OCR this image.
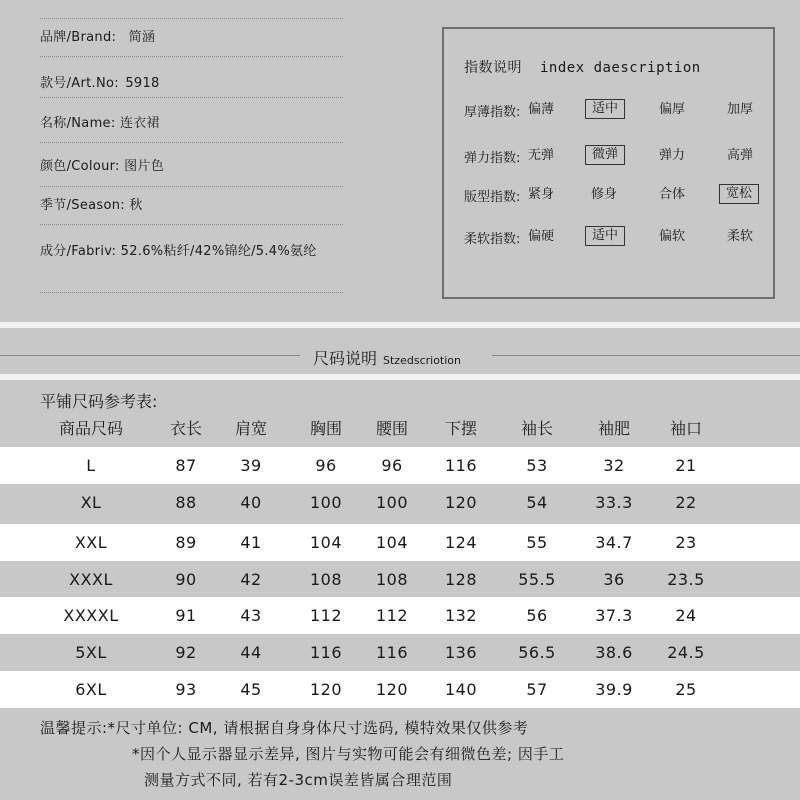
品牌/Brand: 简涵
款号/Art.No: 5918
名称/Name: 连衣裙
颜色/Colour: 图片色
季节/Season: 秋
成分/Fabriv: 52.6%粘纤/42%锦纶/5.4%氨纶
指数说明 index daescription
厚薄指数: 偏薄	适中	偏厚	加厚
弹力指数: 无弹	微弹	弹力	高弹
版型指数: 紧身	修身	合体	宽松
柔软指数: 偏硬	适中	偏软	柔软
尺码说明 Stzedscriotion
平铺尺码参考表:
商品尺码	衣长	肩宽	胸围	腰围	下摆	袖长	袖肥	袖口
L	87	39	96	96	116	53	32	21
XL	88	40	100	100	120	54	33.3	22
XXL	89	41	104	104	124	55	34.7	23
XXXL	90	42	108	108	128	55.5	36	23.5
XXXXL	91	43	112	112	132	56	37.3	24
5XL	92	44	116	116	136	56.5	38.6	24.5
6XL	93	45	120	120	140	57	39.9	25
温馨提示:*尺寸单位: CM, 请根据自身身体尺寸选码, 模特效果仅供参考
*因个人显示器显示差异, 图片与实物可能会有细微色差; 因手工
测量方式不同, 若有2-3cm误差皆属合理范围
